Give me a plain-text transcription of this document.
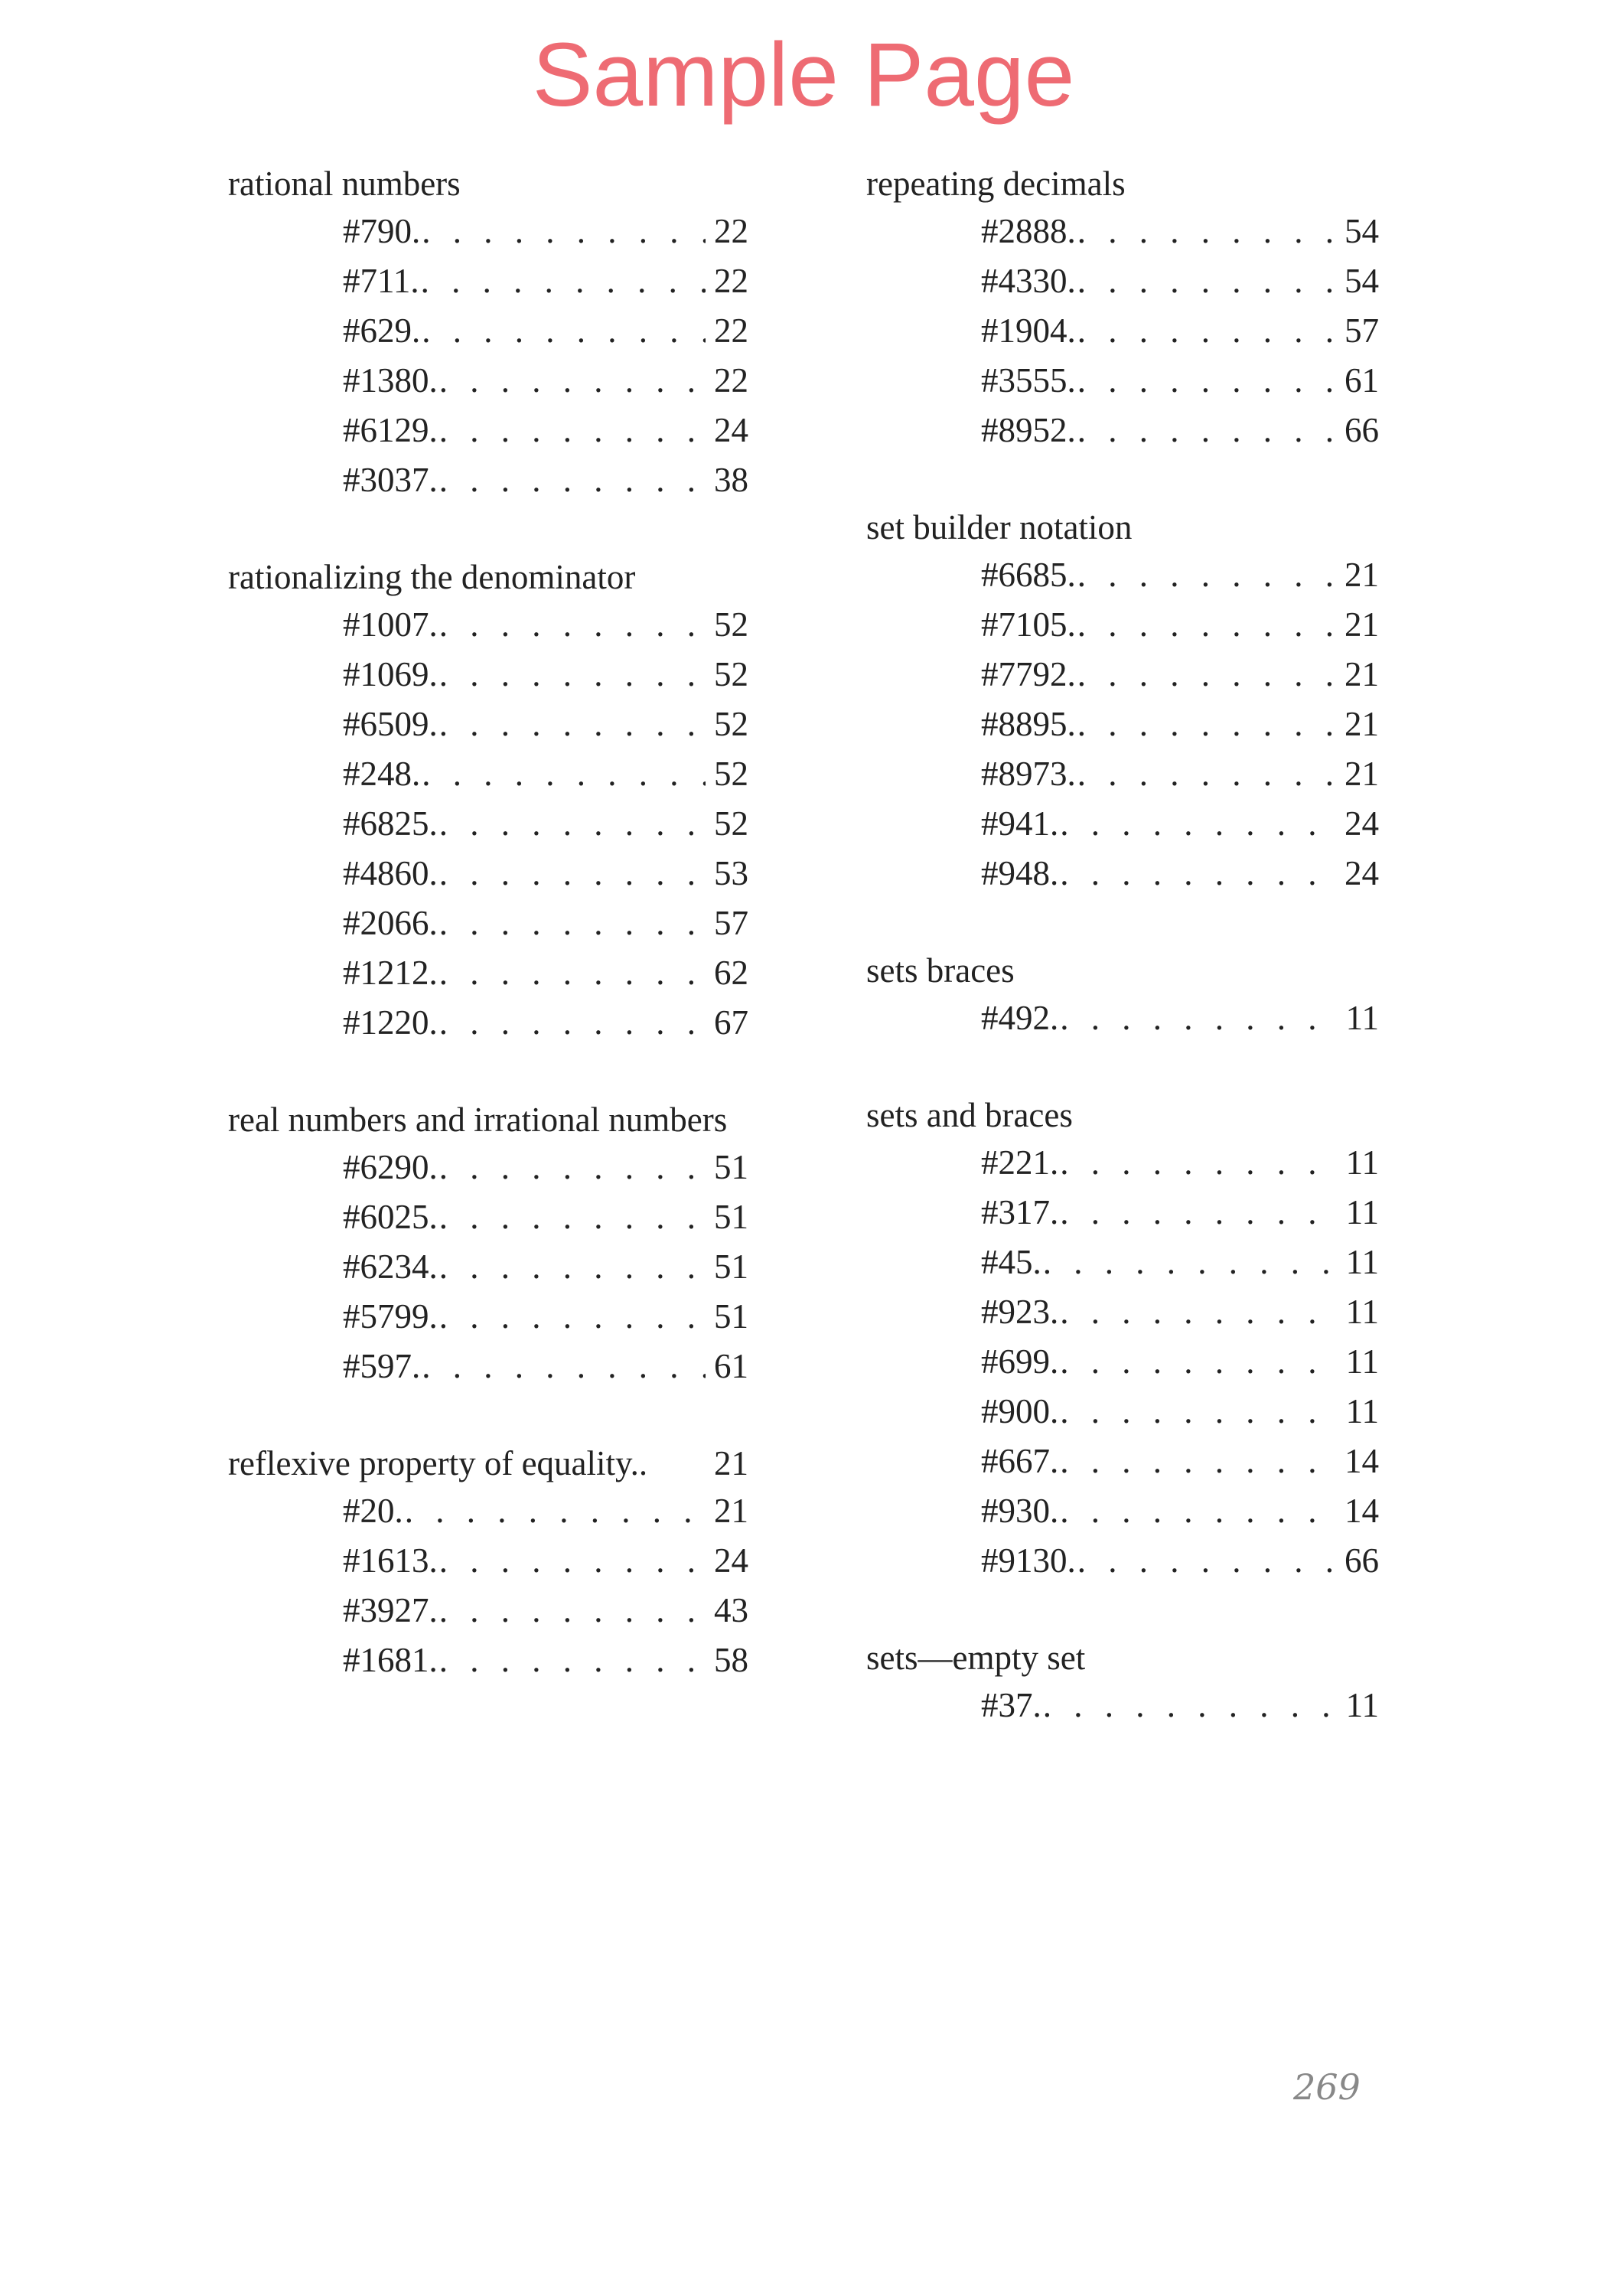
Sample Page
rational numbers
#790. . . .	22
#711. . . .	22
#629. . . .	22
#1380. . . .	22
#6129. . . .	24
#3037. . . .	38
rationalizing the denominator
#1007. . . .	52
#1069. . . .	52
#6509. . . .	52
#248. . . .	52
#6825. . . .	52
#4860. . . .	53
#2066. . . .	57
#1212. . . .	62
#1220. . . .	67
real numbers and irrational numbers
#6290. . . .	51
#6025. . . .	51
#6234. . . .	51
#5799. . . .	51
#597. . . .	61
reflexive property of equality.. 21
#20. . . .	21
#1613. . . .	24
#3927. . . .	43
#1681. . . .	58
repeating decimals
#2888. . . .	54
#4330. . . .	54
#1904. . . .	57
#3555. . . .	61
#8952. . . .	66
set builder notation
#6685. . . .	21
#7105. . . .	21
#7792. . . .	21
#8895. . . .	21
#8973. . . .	21
#941. . . .	24
#948. . . .	24
sets braces
#492. . . .	11
sets and braces
#221. . . .	11
#317. . . .	11
#45. . . .	11
#923. . . .	11
#699. . . .	11
#900. . . .	11
#667. . . .	14
#930. . . .	14
#9130. . . .	66
sets—empty set
#37. . . .	11
269
